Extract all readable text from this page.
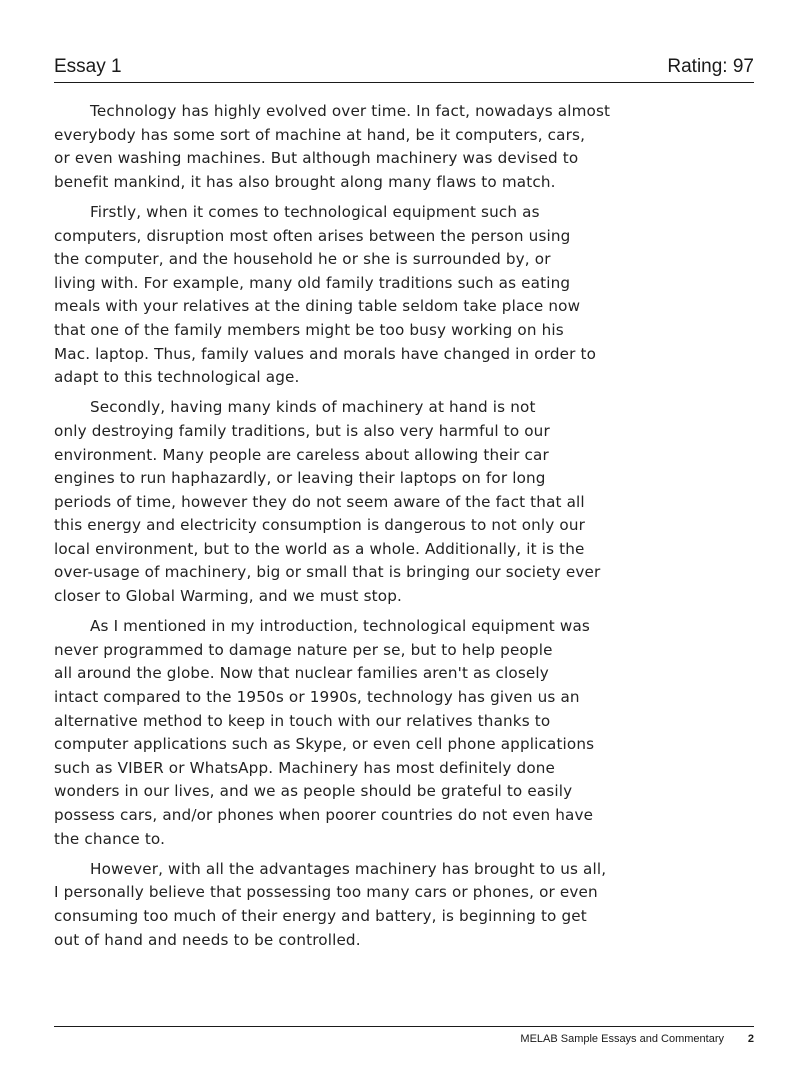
Essay 1	Rating: 97
Technology has highly evolved over time. In fact, nowadays almost
everybody has some sort of machine at hand, be it computers, cars,
or even washing machines. But although machinery was devised to
benefit mankind, it has also brought along many flaws to match.
Firstly, when it comes to technological equipment such as
computers, disruption most often arises between the person using
the computer, and the household he or she is surrounded by, or
living with. For example, many old family traditions such as eating
meals with your relatives at the dining table seldom take place now
that one of the family members might be too busy working on his
Mac. laptop. Thus, family values and morals have changed in order to
adapt to this technological age.
Secondly, having many kinds of machinery at hand is not
only destroying family traditions, but is also very harmful to our
environment. Many people are careless about allowing their car
engines to run haphazardly, or leaving their laptops on for long
periods of time, however they do not seem aware of the fact that all
this energy and electricity consumption is dangerous to not only our
local environment, but to the world as a whole. Additionally, it is the
over-usage of machinery, big or small that is bringing our society ever
closer to Global Warming, and we must stop.
As I mentioned in my introduction, technological equipment was
never programmed to damage nature per se, but to help people
all around the globe. Now that nuclear families aren't as closely
intact compared to the 1950s or 1990s, technology has given us an
alternative method to keep in touch with our relatives thanks to
computer applications such as Skype, or even cell phone applications
such as VIBER or WhatsApp. Machinery has most definitely done
wonders in our lives, and we as people should be grateful to easily
possess cars, and/or phones when poorer countries do not even have
the chance to.
However, with all the advantages machinery has brought to us all,
I personally believe that possessing too many cars or phones, or even
consuming too much of their energy and battery, is beginning to get
out of hand and needs to be controlled.
MELAB Sample Essays and Commentary 2
